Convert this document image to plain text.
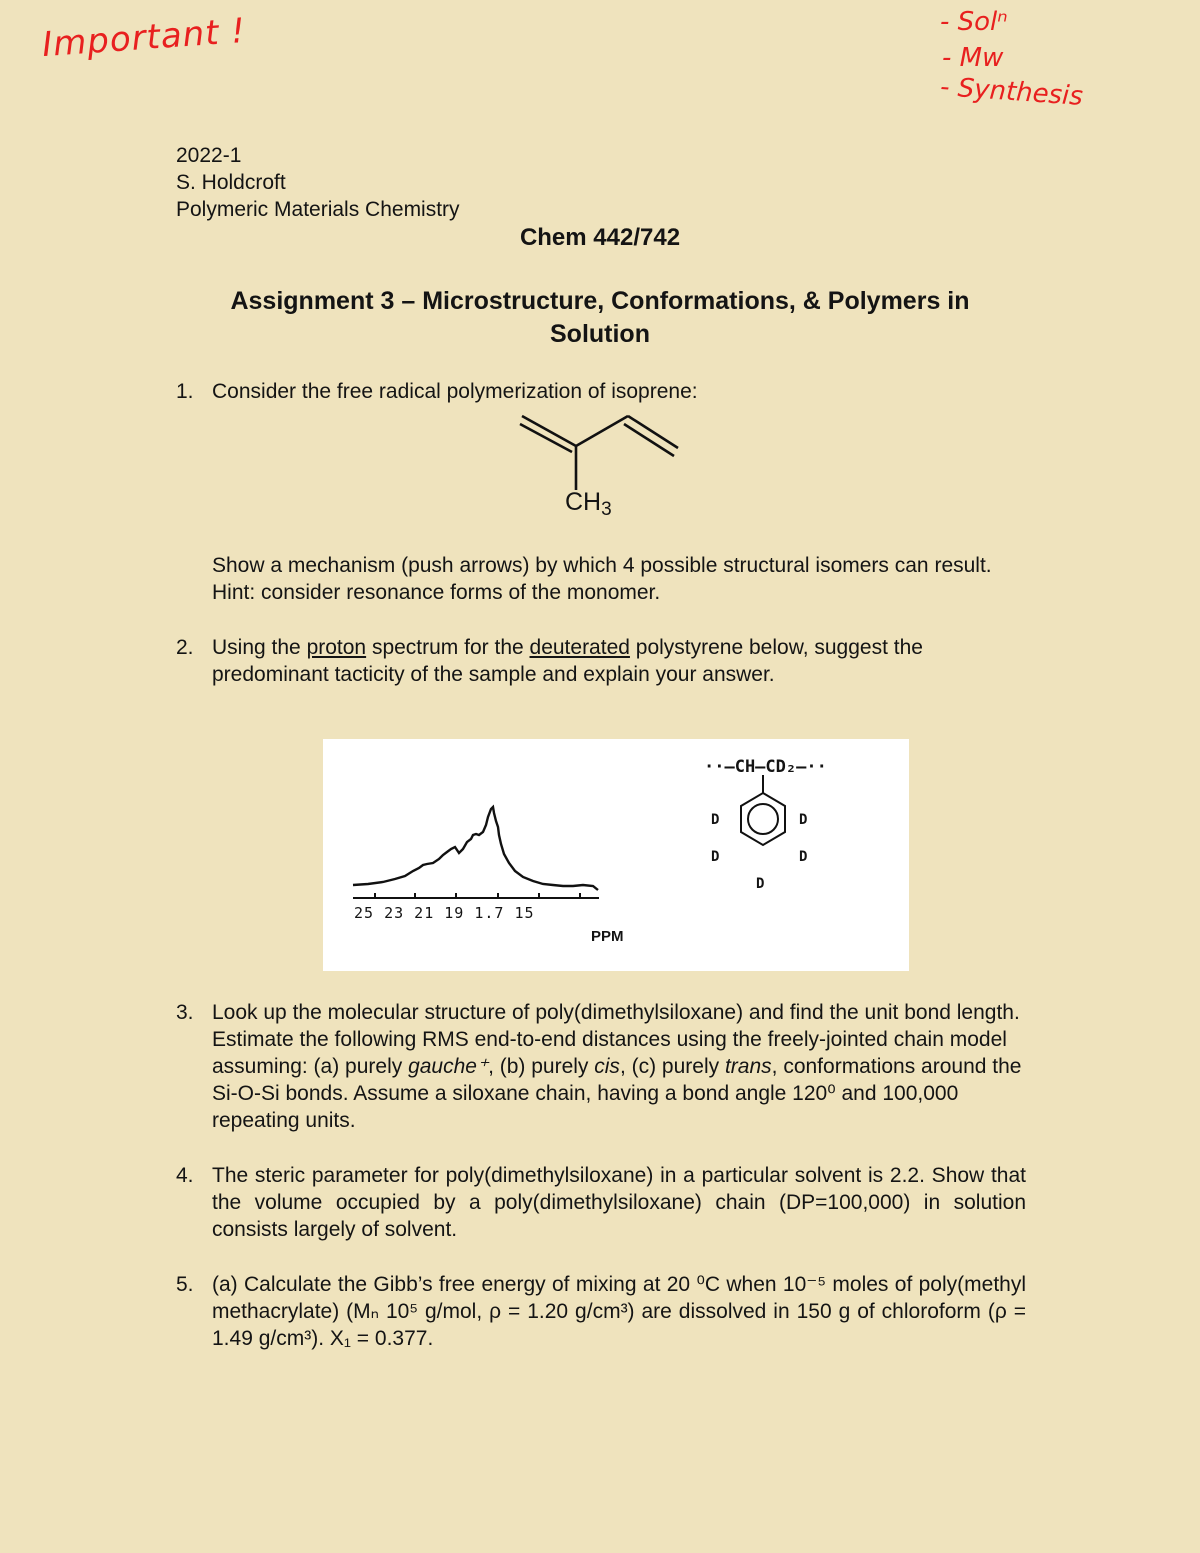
Important !	- Solⁿ
- Mw
- Synthesis
2022-1
S. Holdcroft
Polymeric Materials Chemistry
Chem 442/742
Assignment 3 – Microstructure, Conformations, & Polymers in
Solution
1. Consider the free radical polymerization of isoprene:
$CH_3$
Show a mechanism (push arrows) by which 4 possible structural isomers can result. Hint: consider resonance forms of the monomer.
2. Using the proton spectrum for the deuterated polystyrene below, suggest the predominant tacticity of the sample and explain your answer.
25 23 21 19 1.7 15
PPM
··—CH—CD₂—··
D	D
D	D
D
3. Look up the molecular structure of poly(dimethylsiloxane) and find the unit bond length. Estimate the following RMS end-to-end distances using the freely-jointed chain model assuming: (a) purely gauche⁺, (b) purely cis, (c) purely trans, conformations around the Si-O-Si bonds. Assume a siloxane chain, having a bond angle 120⁰ and 100,000 repeating units.
4. The steric parameter for poly(dimethylsiloxane) in a particular solvent is 2.2. Show that the volume occupied by a poly(dimethylsiloxane) chain (DP=100,000) in solution consists largely of solvent.
5. (a) Calculate the Gibb’s free energy of mixing at 20 ⁰C when 10⁻⁵ moles of poly(methyl methacrylate) (Mₙ 10⁵ g/mol, ρ = 1.20 g/cm³) are dissolved in 150 g of chloroform (ρ = 1.49 g/cm³). X₁ = 0.377.
